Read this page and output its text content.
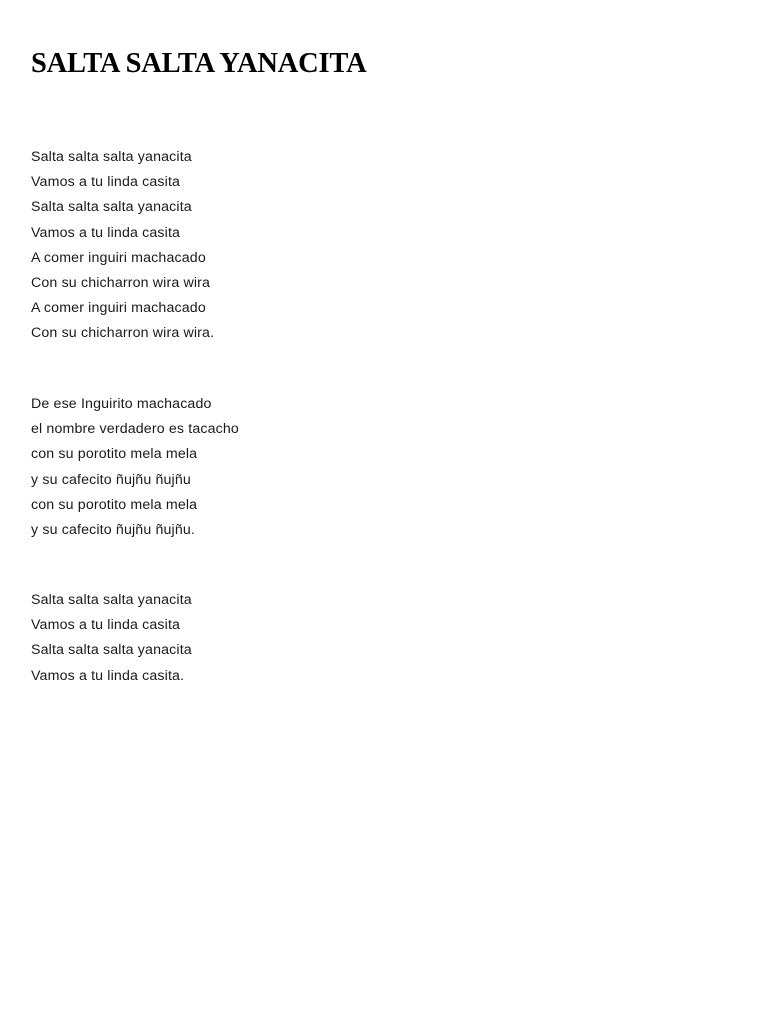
SALTA SALTA YANACITA
Salta salta salta yanacita
Vamos a tu linda casita
Salta salta salta yanacita
Vamos a tu linda casita
A comer inguiri machacado
Con su chicharron wira wira
A comer inguiri machacado
Con su chicharron wira wira.
De ese Inguirito machacado
el nombre verdadero es tacacho
con su porotito mela mela
y su cafecito ñujñu ñujñu
con su porotito mela mela
y su cafecito ñujñu ñujñu.
Salta salta salta yanacita
Vamos a tu linda casita
Salta salta salta yanacita
Vamos a tu linda casita.
